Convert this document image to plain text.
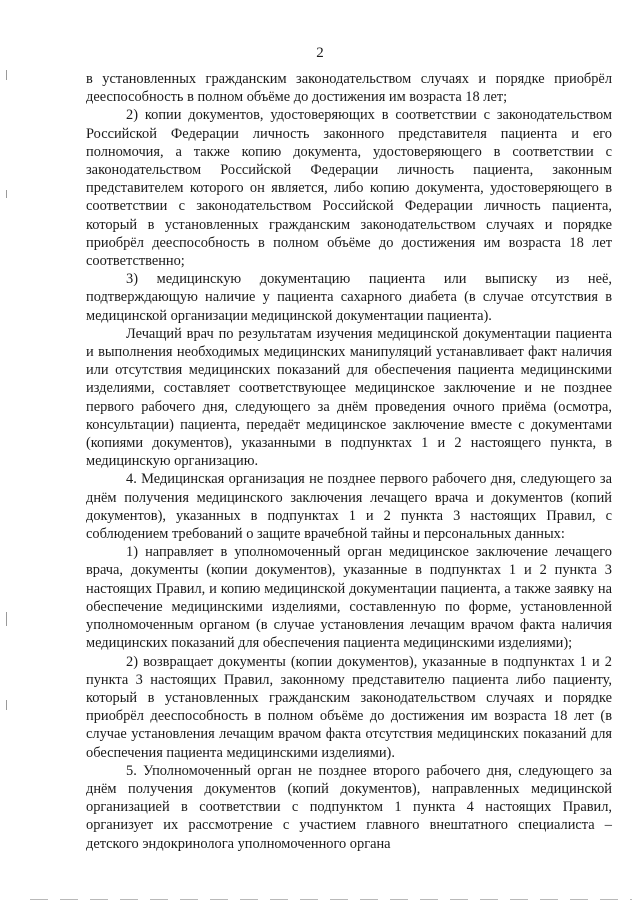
2

в установленных гражданским законодательством случаях и порядке приобрёл дееспособность в полном объёме до достижения им возраста 18 лет;

2) копии документов, удостоверяющих в соответствии с законодательством Российской Федерации личность законного представителя пациента и его полномочия, а также копию документа, удостоверяющего в соответствии с законодательством Российской Федерации личность пациента, законным представителем которого он является, либо копию документа, удостоверяющего в соответствии с законодательством Российской Федерации личность пациента, который в установленных гражданским законодательством случаях и порядке приобрёл дееспособность в полном объёме до достижения им возраста 18 лет соответственно;

3) медицинскую документацию пациента или выписку из неё, подтверждающую наличие у пациента сахарного диабета (в случае отсутствия в медицинской организации медицинской документации пациента).

Лечащий врач по результатам изучения медицинской документации пациента и выполнения необходимых медицинских манипуляций устанавливает факт наличия или отсутствия медицинских показаний для обеспечения пациента медицинскими изделиями, составляет соответствующее медицинское заключение и не позднее первого рабочего дня, следующего за днём проведения очного приёма (осмотра, консультации) пациента, передаёт медицинское заключение вместе с документами (копиями документов), указанными в подпунктах 1 и 2 настоящего пункта, в медицинскую организацию.

4. Медицинская организация не позднее первого рабочего дня, следующего за днём получения медицинского заключения лечащего врача и документов (копий документов), указанных в подпунктах 1 и 2 пункта 3 настоящих Правил, с соблюдением требований о защите врачебной тайны и персональных данных:

1) направляет в уполномоченный орган медицинское заключение лечащего врача, документы (копии документов), указанные в подпунктах 1 и 2 пункта 3 настоящих Правил, и копию медицинской документации пациента, а также заявку на обеспечение медицинскими изделиями, составленную по форме, установленной уполномоченным органом (в случае установления лечащим врачом факта наличия медицинских показаний для обеспечения пациента медицинскими изделиями);

2) возвращает документы (копии документов), указанные в подпунктах 1 и 2 пункта 3 настоящих Правил, законному представителю пациента либо пациенту, который в установленных гражданским законодательством случаях и порядке приобрёл дееспособность в полном объёме до достижения им возраста 18 лет (в случае установления лечащим врачом факта отсутствия медицинских показаний для обеспечения пациента медицинскими изделиями).

5. Уполномоченный орган не позднее второго рабочего дня, следующего за днём получения документов (копий документов), направленных медицинской организацией в соответствии с подпунктом 1 пункта 4 настоящих Правил, организует их рассмотрение с участием главного внештатного специалиста – детского эндокринолога уполномоченного органа
